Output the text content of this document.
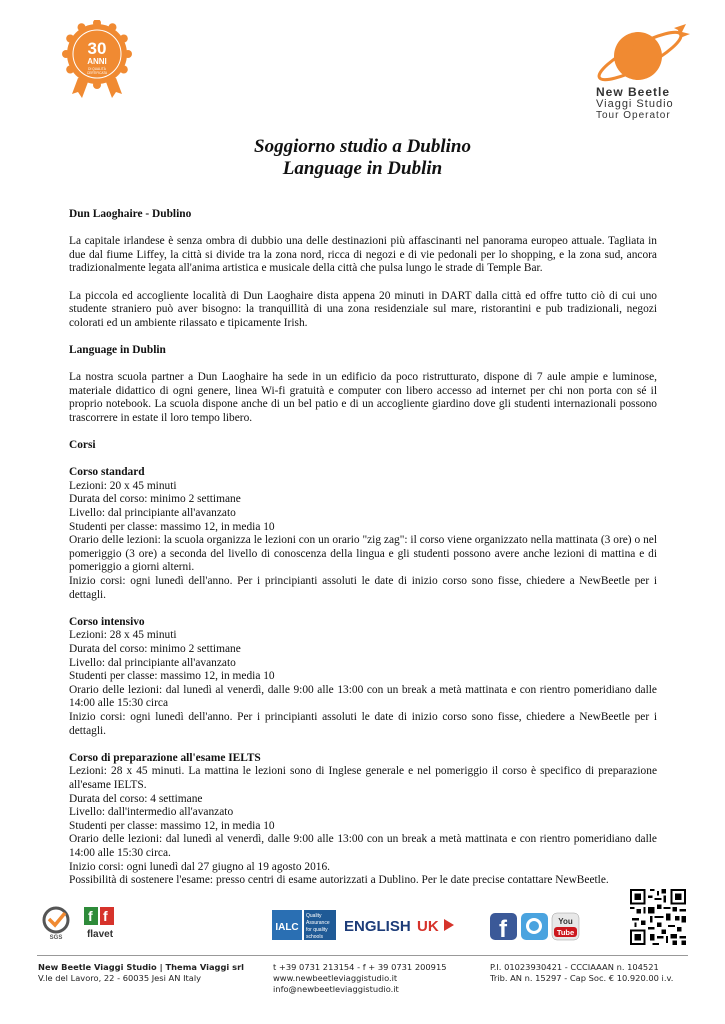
30
ANNI
DI QUALITÀ
CERTIFICATA
New Beetle
Viaggi Studio
Tour Operator
Soggiorno studio a Dublino
Language in Dublin

Dun Laoghaire - Dublino

La capitale irlandese è senza ombra di dubbio una delle destinazioni più affascinanti nel panorama europeo attuale. Tagliata in due dal fiume Liffey, la città si divide tra la zona nord, ricca di negozi e di vie pedonali per lo shopping, e la zona sud, ancora tradizionalmente legata all'anima artistica e musicale della città che pulsa lungo le strade di Temple Bar.

La piccola ed accogliente località di Dun Laoghaire dista appena 20 minuti in DART dalla città ed offre tutto ciò di cui uno studente straniero può aver bisogno: la tranquillità di una zona residenziale sul mare, ristorantini e pub tradizionali, negozi colorati ed un ambiente rilassato e tipicamente Irish.

Language in Dublin

La nostra scuola partner a Dun Laoghaire ha sede in un edificio da poco ristrutturato, dispone di 7 aule ampie e luminose, materiale didattico di ogni genere, linea Wi-fi gratuità e computer con libero accesso ad internet per chi non porta con sé il proprio notebook. La scuola dispone anche di un bel patio e di un accogliente giardino dove gli studenti internazionali possono trascorrere in estate il loro tempo libero.

Corsi

Corso standard

Lezioni: 20 x 45 minuti

Durata del corso: minimo 2 settimane

Livello: dal principiante all'avanzato

Studenti per classe: massimo 12, in media 10

Orario delle lezioni: la scuola organizza le lezioni con un orario "zig zag": il corso viene organizzato nella mattinata (3 ore) o nel pomeriggio (3 ore) a seconda del livello di conoscenza della lingua e gli studenti possono avere anche lezioni di mattina e di pomeriggio a giorni alterni.

Inizio corsi: ogni lunedì dell'anno. Per i principianti assoluti le date di inizio corso sono fisse, chiedere a NewBeetle per i dettagli.

Corso intensivo

Lezioni: 28 x 45 minuti

Durata del corso: minimo 2 settimane

Livello: dal principiante all'avanzato

Studenti per classe: massimo 12, in media 10

Orario delle lezioni: dal lunedì al venerdì, dalle 9:00 alle 13:00 con un break a metà mattinata e con rientro pomeridiano dalle 14:00 alle 15:30 circa

Inizio corsi: ogni lunedì dell'anno. Per i principianti assoluti le date di inizio corso sono fisse, chiedere a NewBeetle per i dettagli.

Corso di preparazione all'esame IELTS

Lezioni: 28 x 45 minuti. La mattina le lezioni sono di Inglese generale e nel pomeriggio il corso è specifico di preparazione all'esame IELTS.

Durata del corso: 4 settimane

Livello: dall'intermedio all'avanzato

Studenti per classe: massimo 12, in media 10

Orario delle lezioni: dal lunedì al venerdì, dalle 9:00 alle 13:00 con un break a metà mattinata e con rientro pomeridiano dalle 14:00 alle 15:30 circa.

Inizio corsi: ogni lunedì dal 27 giugno al 19 agosto 2016.

Possibilità di sostenere l'esame: presso centri di esame autorizzati a Dublino. Per le date precise contattare NewBeetle.

SGS
f f
flavet
IALC
Quality
Assurance
for quality
schools
ENGLISH UK	f	You
Tube
New Beetle Viaggi Studio | Thema Viaggi srl
V.le del Lavoro, 22 - 60035 Jesi AN Italy
t +39 0731 213154 - f + 39 0731 200915
www.newbeetleviaggistudio.it
info@newbeetleviaggistudio.it
P.I. 01023930421 - CCCIAAAN n. 104521
Trib. AN n. 15297 - Cap Soc. € 10.920.00 i.v.
